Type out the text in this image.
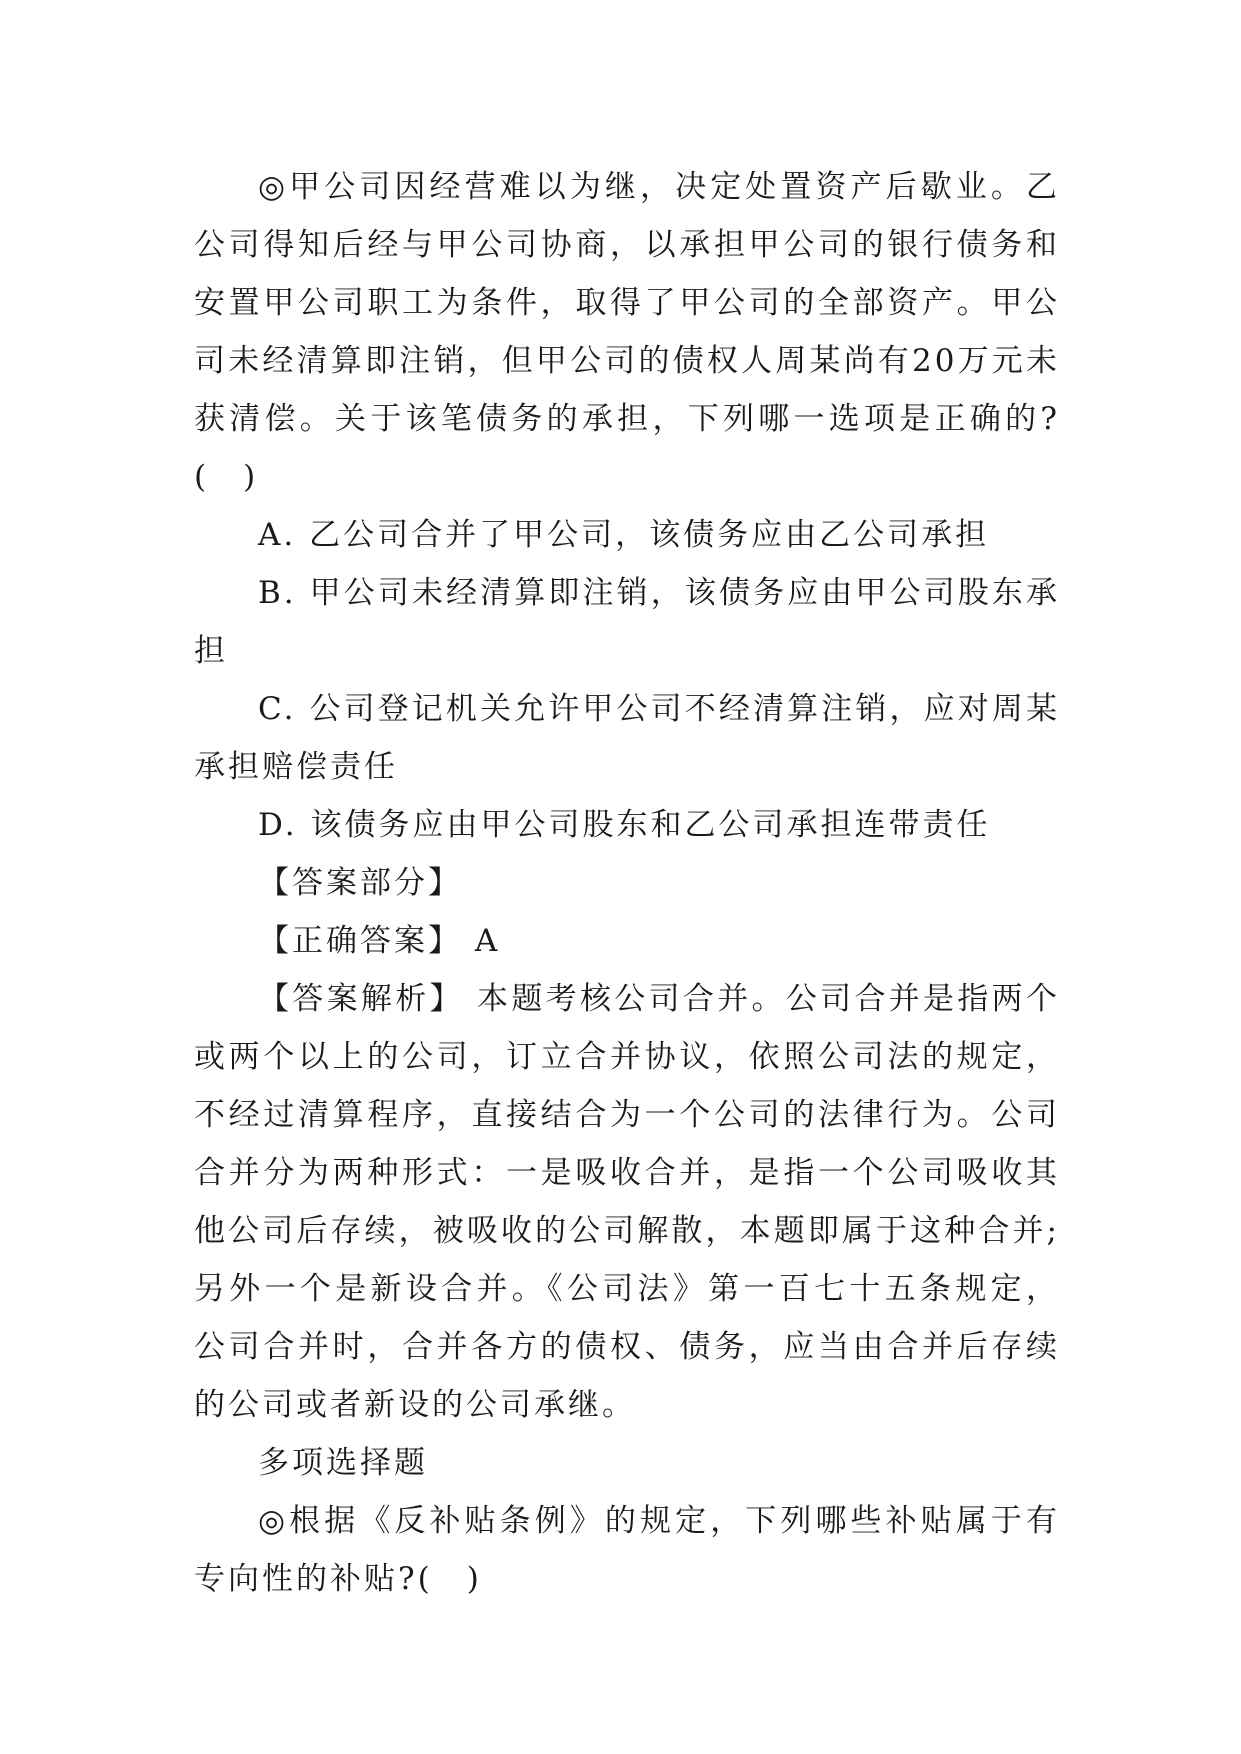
◎甲公司因经营难以为继，决定处置资产后歇业。乙公司得知后经与甲公司协商，以承担甲公司的银行债务和安置甲公司职工为条件，取得了甲公司的全部资产。甲公司未经清算即注销，但甲公司的债权人周某尚有20万元未获清偿。关于该笔债务的承担，下列哪一选项是正确的?(　)

A. 乙公司合并了甲公司，该债务应由乙公司承担

B. 甲公司未经清算即注销，该债务应由甲公司股东承担

C. 公司登记机关允许甲公司不经清算注销，应对周某承担赔偿责任

D. 该债务应由甲公司股东和乙公司承担连带责任

【答案部分】

【正确答案】 A

【答案解析】 本题考核公司合并。公司合并是指两个或两个以上的公司，订立合并协议，依照公司法的规定，不经过清算程序，直接结合为一个公司的法律行为。公司合并分为两种形式：一是吸收合并，是指一个公司吸收其他公司后存续，被吸收的公司解散，本题即属于这种合并;另外一个是新设合并。《公司法》第一百七十五条规定，公司合并时，合并各方的债权、债务，应当由合并后存续的公司或者新设的公司承继。

多项选择题

◎根据《反补贴条例》的规定，下列哪些补贴属于有专向性的补贴?(　)
